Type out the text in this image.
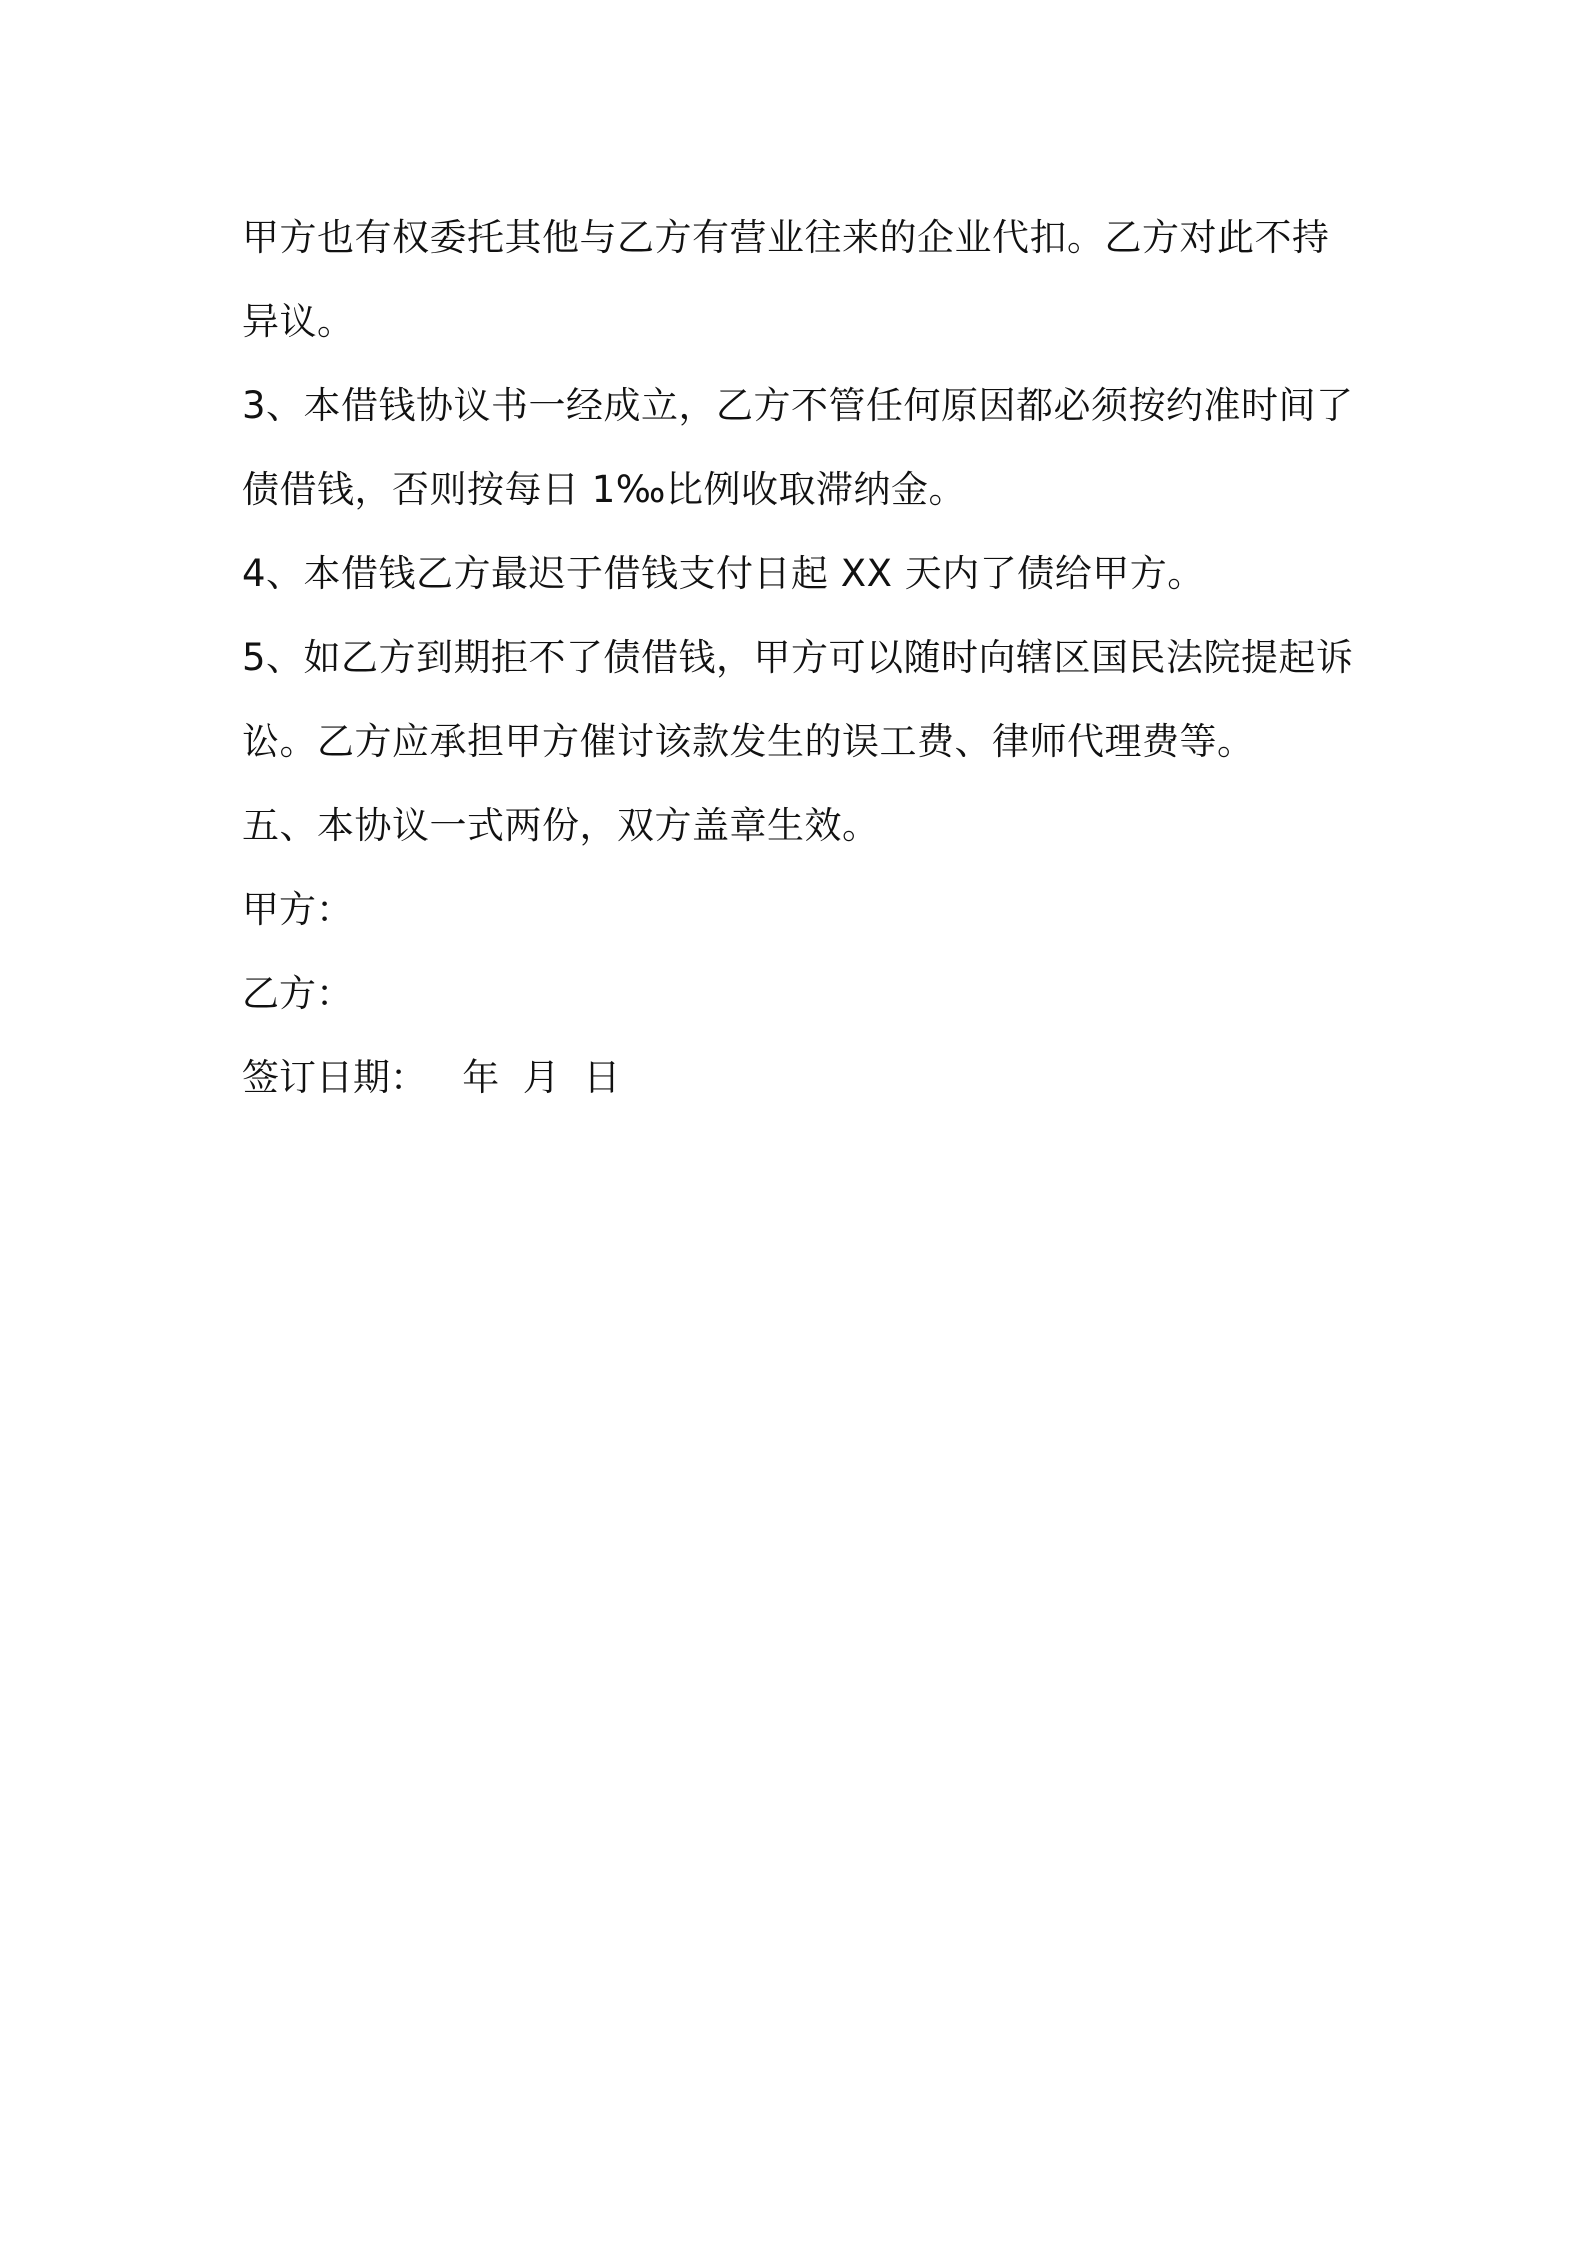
甲方也有权委托其他与乙方有营业往来的企业代扣。乙方对此不持异议。

3、本借钱协议书一经成立，乙方不管任何原因都必须按约准时间了债借钱，否则按每日 1‰比例收取滞纳金。

4、本借钱乙方最迟于借钱支付日起 XX 天内了债给甲方。

5、如乙方到期拒不了债借钱，甲方可以随时向辖区国民法院提起诉讼。乙方应承担甲方催讨该款发生的误工费、律师代理费等。

五、本协议一式两份，双方盖章生效。

甲方：

乙方：

签订日期：   年  月  日
